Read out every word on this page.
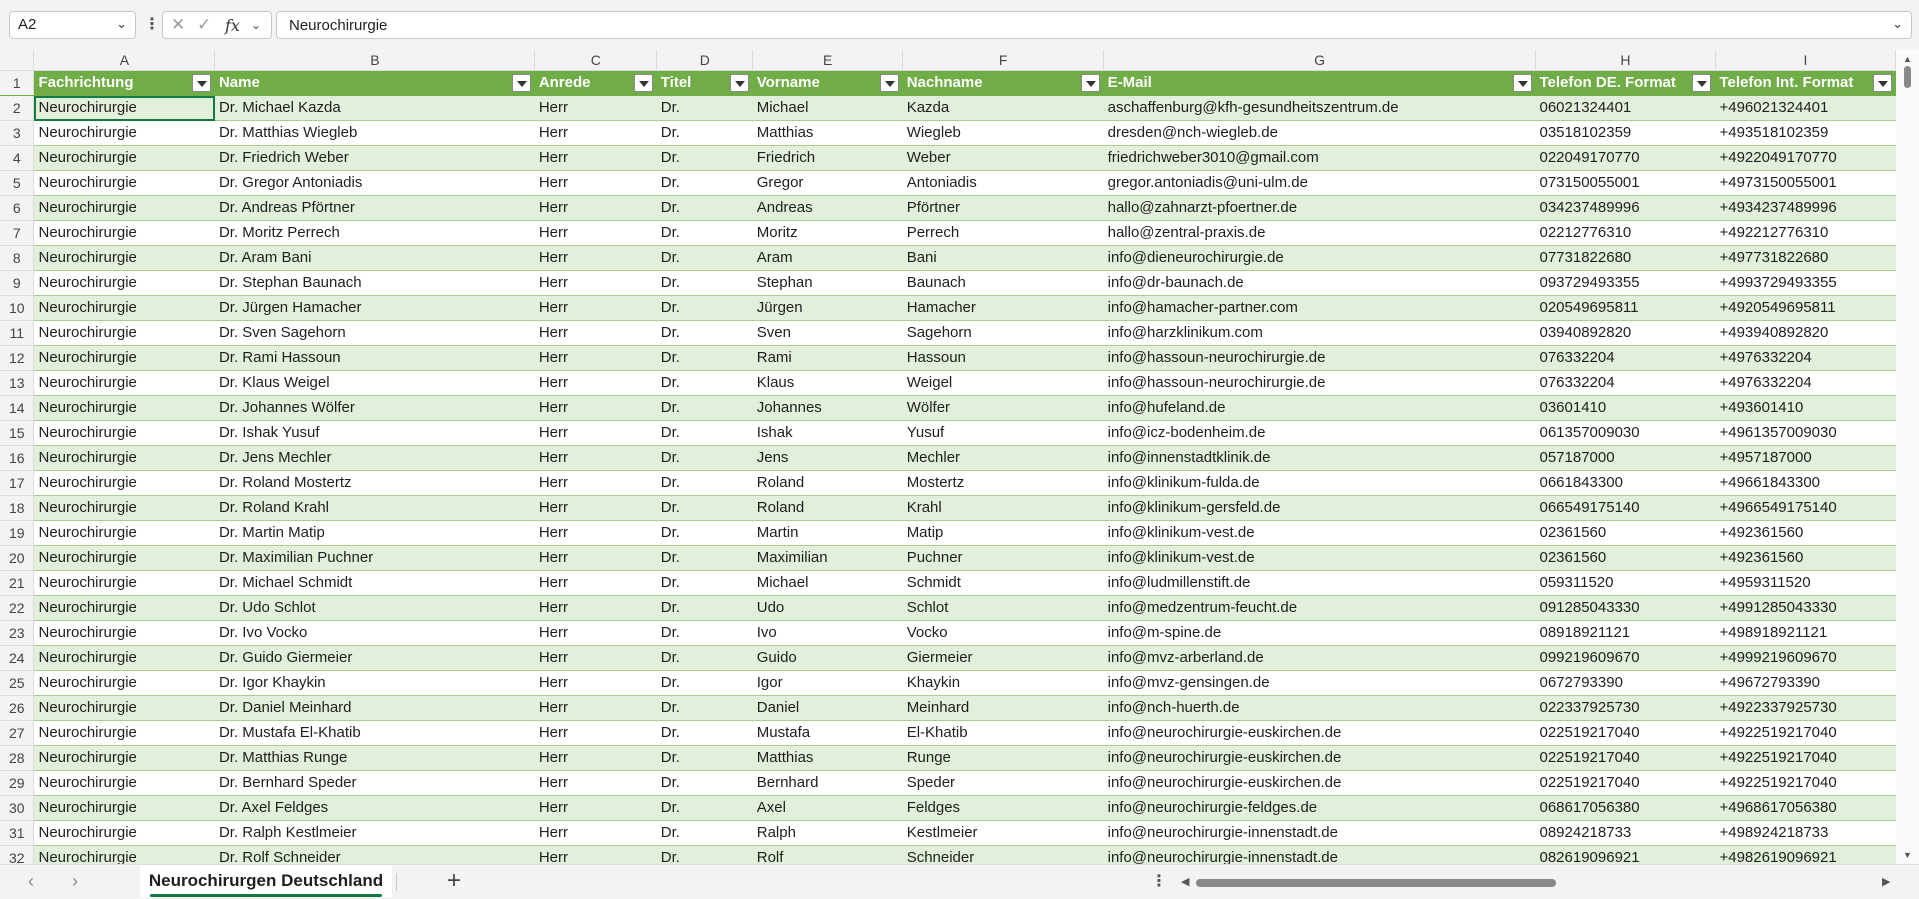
A2	⌄ ⋮ ✕ ✓ fx ⌄	Neurochirurgie	⌄
	A	B	C	D	E	F	G	H	I
1	Fachrichtung	Name	Anrede	Titel	Vorname	Nachname	E-Mail	Telefon DE. Format	Telefon Int. Format

2	Neurochirurgie	Dr. Michael Kazda	Herr	Dr.	Michael	Kazda	aschaffenburg@kfh-gesundheitszentrum.de	06021324401	+496021324401
3	Neurochirurgie	Dr. Matthias Wiegleb	Herr	Dr.	Matthias	Wiegleb	dresden@nch-wiegleb.de	03518102359	+493518102359
4	Neurochirurgie	Dr. Friedrich Weber	Herr	Dr.	Friedrich	Weber	friedrichweber3010@gmail.com	022049170770	+4922049170770
5	Neurochirurgie	Dr. Gregor Antoniadis	Herr	Dr.	Gregor	Antoniadis	gregor.antoniadis@uni-ulm.de	073150055001	+4973150055001
6	Neurochirurgie	Dr. Andreas Pförtner	Herr	Dr.	Andreas	Pförtner	hallo@zahnarzt-pfoertner.de	034237489996	+4934237489996
7	Neurochirurgie	Dr. Moritz Perrech	Herr	Dr.	Moritz	Perrech	hallo@zentral-praxis.de	02212776310	+492212776310
8	Neurochirurgie	Dr. Aram Bani	Herr	Dr.	Aram	Bani	info@dieneurochirurgie.de	07731822680	+497731822680
9	Neurochirurgie	Dr. Stephan Baunach	Herr	Dr.	Stephan	Baunach	info@dr-baunach.de	093729493355	+4993729493355
10	Neurochirurgie	Dr. Jürgen Hamacher	Herr	Dr.	Jürgen	Hamacher	info@hamacher-partner.com	020549695811	+4920549695811
11	Neurochirurgie	Dr. Sven Sagehorn	Herr	Dr.	Sven	Sagehorn	info@harzklinikum.com	03940892820	+493940892820
12	Neurochirurgie	Dr. Rami Hassoun	Herr	Dr.	Rami	Hassoun	info@hassoun-neurochirurgie.de	076332204	+4976332204
13	Neurochirurgie	Dr. Klaus Weigel	Herr	Dr.	Klaus	Weigel	info@hassoun-neurochirurgie.de	076332204	+4976332204
14	Neurochirurgie	Dr. Johannes Wölfer	Herr	Dr.	Johannes	Wölfer	info@hufeland.de	03601410	+493601410
15	Neurochirurgie	Dr. Ishak Yusuf	Herr	Dr.	Ishak	Yusuf	info@icz-bodenheim.de	061357009030	+4961357009030
16	Neurochirurgie	Dr. Jens Mechler	Herr	Dr.	Jens	Mechler	info@innenstadtklinik.de	057187000	+4957187000
17	Neurochirurgie	Dr. Roland Mostertz	Herr	Dr.	Roland	Mostertz	info@klinikum-fulda.de	0661843300	+49661843300
18	Neurochirurgie	Dr. Roland Krahl	Herr	Dr.	Roland	Krahl	info@klinikum-gersfeld.de	066549175140	+4966549175140
19	Neurochirurgie	Dr. Martin Matip	Herr	Dr.	Martin	Matip	info@klinikum-vest.de	02361560	+492361560
20	Neurochirurgie	Dr. Maximilian Puchner	Herr	Dr.	Maximilian	Puchner	info@klinikum-vest.de	02361560	+492361560
21	Neurochirurgie	Dr. Michael Schmidt	Herr	Dr.	Michael	Schmidt	info@ludmillenstift.de	059311520	+4959311520
22	Neurochirurgie	Dr. Udo Schlot	Herr	Dr.	Udo	Schlot	info@medzentrum-feucht.de	091285043330	+4991285043330
23	Neurochirurgie	Dr. Ivo Vocko	Herr	Dr.	Ivo	Vocko	info@m-spine.de	08918921121	+498918921121
24	Neurochirurgie	Dr. Guido Giermeier	Herr	Dr.	Guido	Giermeier	info@mvz-arberland.de	099219609670	+4999219609670
25	Neurochirurgie	Dr. Igor Khaykin	Herr	Dr.	Igor	Khaykin	info@mvz-gensingen.de	0672793390	+49672793390
26	Neurochirurgie	Dr. Daniel Meinhard	Herr	Dr.	Daniel	Meinhard	info@nch-huerth.de	022337925730	+4922337925730
27	Neurochirurgie	Dr. Mustafa El-Khatib	Herr	Dr.	Mustafa	El-Khatib	info@neurochirurgie-euskirchen.de	022519217040	+4922519217040
28	Neurochirurgie	Dr. Matthias Runge	Herr	Dr.	Matthias	Runge	info@neurochirurgie-euskirchen.de	022519217040	+4922519217040
29	Neurochirurgie	Dr. Bernhard Speder	Herr	Dr.	Bernhard	Speder	info@neurochirurgie-euskirchen.de	022519217040	+4922519217040
30	Neurochirurgie	Dr. Axel Feldges	Herr	Dr.	Axel	Feldges	info@neurochirurgie-feldges.de	068617056380	+4968617056380
31	Neurochirurgie	Dr. Ralph Kestlmeier	Herr	Dr.	Ralph	Kestlmeier	info@neurochirurgie-innenstadt.de	08924218733	+498924218733
32	Neurochirurgie	Dr. Rolf Schneider	Herr	Dr.	Rolf	Schneider	info@neurochirurgie-innenstadt.de	082619096921	+4982619096921

▲
▼
‹ ›	Neurochirurgen Deutschland	+	⋮ ◀	▶
